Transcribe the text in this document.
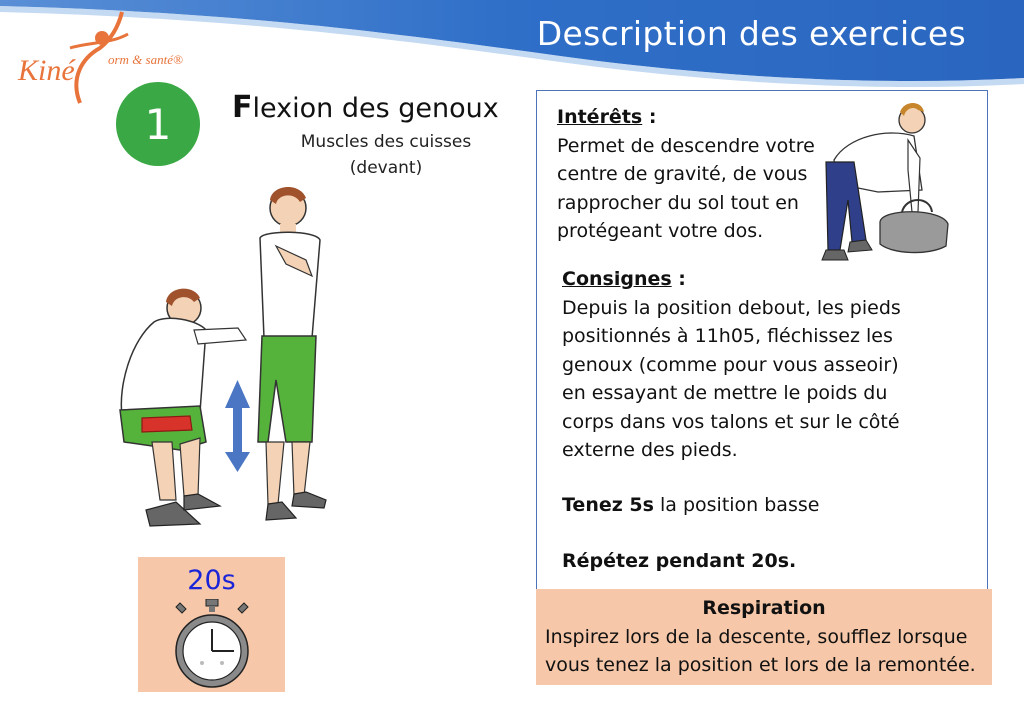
Description des exercices
Kiné	orm & santé®
1	Flexion des genoux
Muscles des cuisses
(devant)
20s
Intérêts :
Permet de descendre votre
centre de gravité, de vous
rapprocher du sol tout en
protégeant votre dos.
Consignes :
Depuis la position debout, les pieds
positionnés à 11h05, fléchissez les
genoux (comme pour vous asseoir)
en essayant de mettre le poids du
corps dans vos talons et sur le côté
externe des pieds.
Tenez 5s la position basse
Répétez pendant 20s.
Respiration
Inspirez lors de la descente, soufflez lorsque
vous tenez la position et lors de la remontée.
